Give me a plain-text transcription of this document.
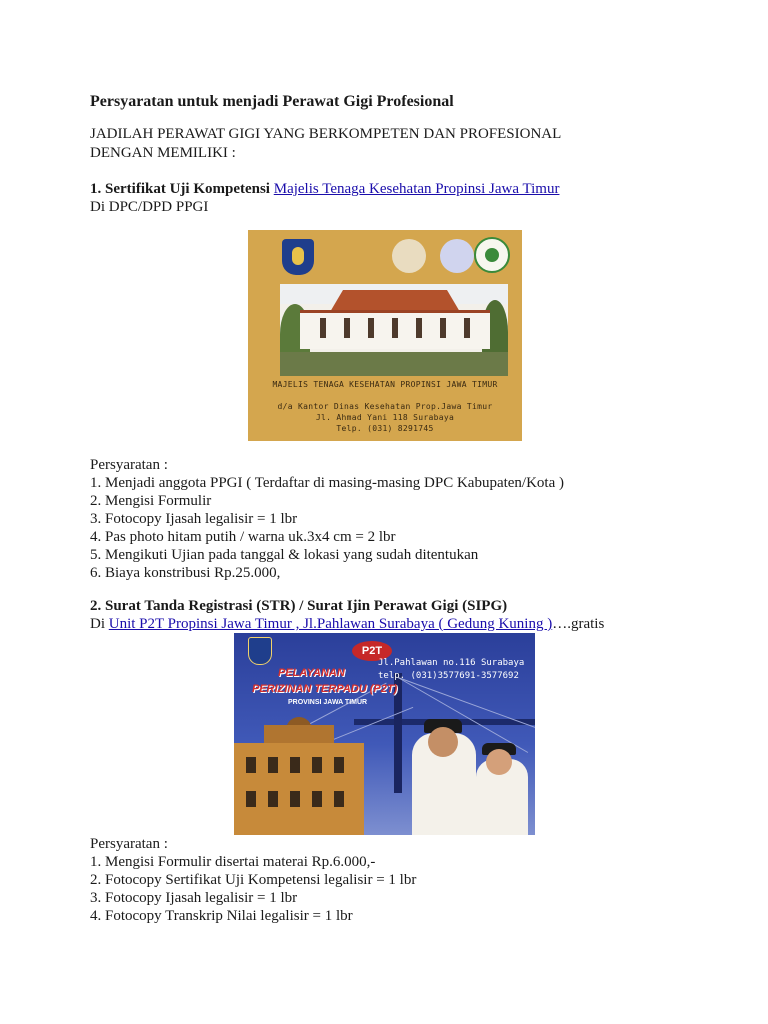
Persyaratan untuk menjadi Perawat Gigi Profesional
JADILAH PERAWAT GIGI YANG BERKOMPETEN DAN PROFESIONAL
DENGAN MEMILIKI :
1. Sertifikat Uji Kompetensi Majelis Tenaga Kesehatan Propinsi Jawa Timur
Di DPC/DPD PPGI
Persyaratan :
1. Menjadi anggota PPGI ( Terdaftar di masing-masing DPC Kabupaten/Kota )
2. Mengisi Formulir
3. Fotocopy Ijasah legalisir = 1 lbr
4. Pas photo hitam putih / warna uk.3x4 cm = 2 lbr
5. Mengikuti Ujian pada tanggal & lokasi yang sudah ditentukan
6. Biaya konstribusi Rp.25.000,
2. Surat Tanda Registrasi (STR) / Surat Ijin Perawat Gigi (SIPG)
Di Unit P2T Propinsi Jawa Timur , Jl.Pahlawan Surabaya ( Gedung Kuning )….gratis
Persyaratan :
1. Mengisi Formulir disertai materai Rp.6.000,-
2. Fotocopy Sertifikat Uji Kompetensi legalisir = 1 lbr
3. Fotocopy Ijasah legalisir = 1 lbr
4. Fotocopy Transkrip Nilai legalisir = 1 lbr
MAJELIS TENAGA KESEHATAN PROPINSI JAWA TIMUR
d/a Kantor Dinas Kesehatan Prop.Jawa Timur
Jl. Ahmad Yani 118 Surabaya
Telp. (031) 8291745
P2T
Jl.Pahlawan no.116 Surabaya
telp. (031)3577691-3577692
PELAYANAN
PERIZINAN TERPADU (P2T)
PROVINSI JAWA TIMUR
